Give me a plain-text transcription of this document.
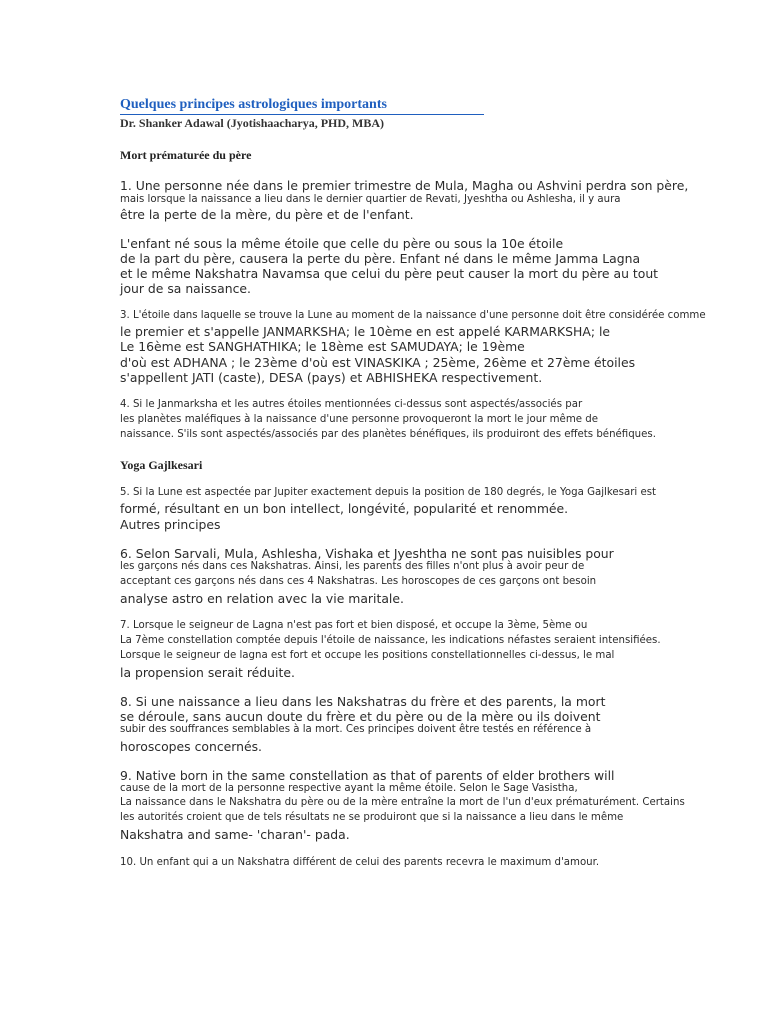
Quelques principes astrologiques importants
Dr. Shanker Adawal (Jyotishaacharya, PHD, MBA)
Mort prématurée du père
1. Une personne née dans le premier trimestre de Mula, Magha ou Ashvini perdra son père,
mais lorsque la naissance a lieu dans le dernier quartier de Revati, Jyeshtha ou Ashlesha, il y aura
être la perte de la mère, du père et de l'enfant.
L'enfant né sous la même étoile que celle du père ou sous la 10e étoile
de la part du père, causera la perte du père. Enfant né dans le même Jamma Lagna
et le même Nakshatra Navamsa que celui du père peut causer la mort du père au tout
jour de sa naissance.
3. L'étoile dans laquelle se trouve la Lune au moment de la naissance d'une personne doit être considérée comme
le premier et s'appelle JANMARKSHA; le 10ème en est appelé KARMARKSHA; le
Le 16ème est SANGHATHIKA; le 18ème est SAMUDAYA; le 19ème
d'où est ADHANA ; le 23ème d'où est VINASKIKA ; 25ème, 26ème et 27ème étoiles
s'appellent JATI (caste), DESA (pays) et ABHISHEKA respectivement.
4. Si le Janmarksha et les autres étoiles mentionnées ci-dessus sont aspectés/associés par
les planètes maléfiques à la naissance d'une personne provoqueront la mort le jour même de
naissance. S'ils sont aspectés/associés par des planètes bénéfiques, ils produiront des effets bénéfiques.
Yoga Gajlkesari
5. Si la Lune est aspectée par Jupiter exactement depuis la position de 180 degrés, le Yoga Gajlkesari est
formé, résultant en un bon intellect, longévité, popularité et renommée.
Autres principes
6. Selon Sarvali, Mula, Ashlesha, Vishaka et Jyeshtha ne sont pas nuisibles pour
les garçons nés dans ces Nakshatras. Ainsi, les parents des filles n'ont plus à avoir peur de
acceptant ces garçons nés dans ces 4 Nakshatras. Les horoscopes de ces garçons ont besoin
analyse astro en relation avec la vie maritale.
7. Lorsque le seigneur de Lagna n'est pas fort et bien disposé, et occupe la 3ème, 5ème ou
La 7ème constellation comptée depuis l'étoile de naissance, les indications néfastes seraient intensifiées.
Lorsque le seigneur de lagna est fort et occupe les positions constellationnelles ci-dessus, le mal
la propension serait réduite.
8. Si une naissance a lieu dans les Nakshatras du frère et des parents, la mort
se déroule, sans aucun doute du frère et du père ou de la mère ou ils doivent
subir des souffrances semblables à la mort. Ces principes doivent être testés en référence à
horoscopes concernés.
9. Native born in the same constellation as that of parents of elder brothers will
cause de la mort de la personne respective ayant la même étoile. Selon le Sage Vasistha,
La naissance dans le Nakshatra du père ou de la mère entraîne la mort de l'un d'eux prématurément. Certains
les autorités croient que de tels résultats ne se produiront que si la naissance a lieu dans le même
Nakshatra and same- 'charan'- pada.
10. Un enfant qui a un Nakshatra différent de celui des parents recevra le maximum d'amour.
